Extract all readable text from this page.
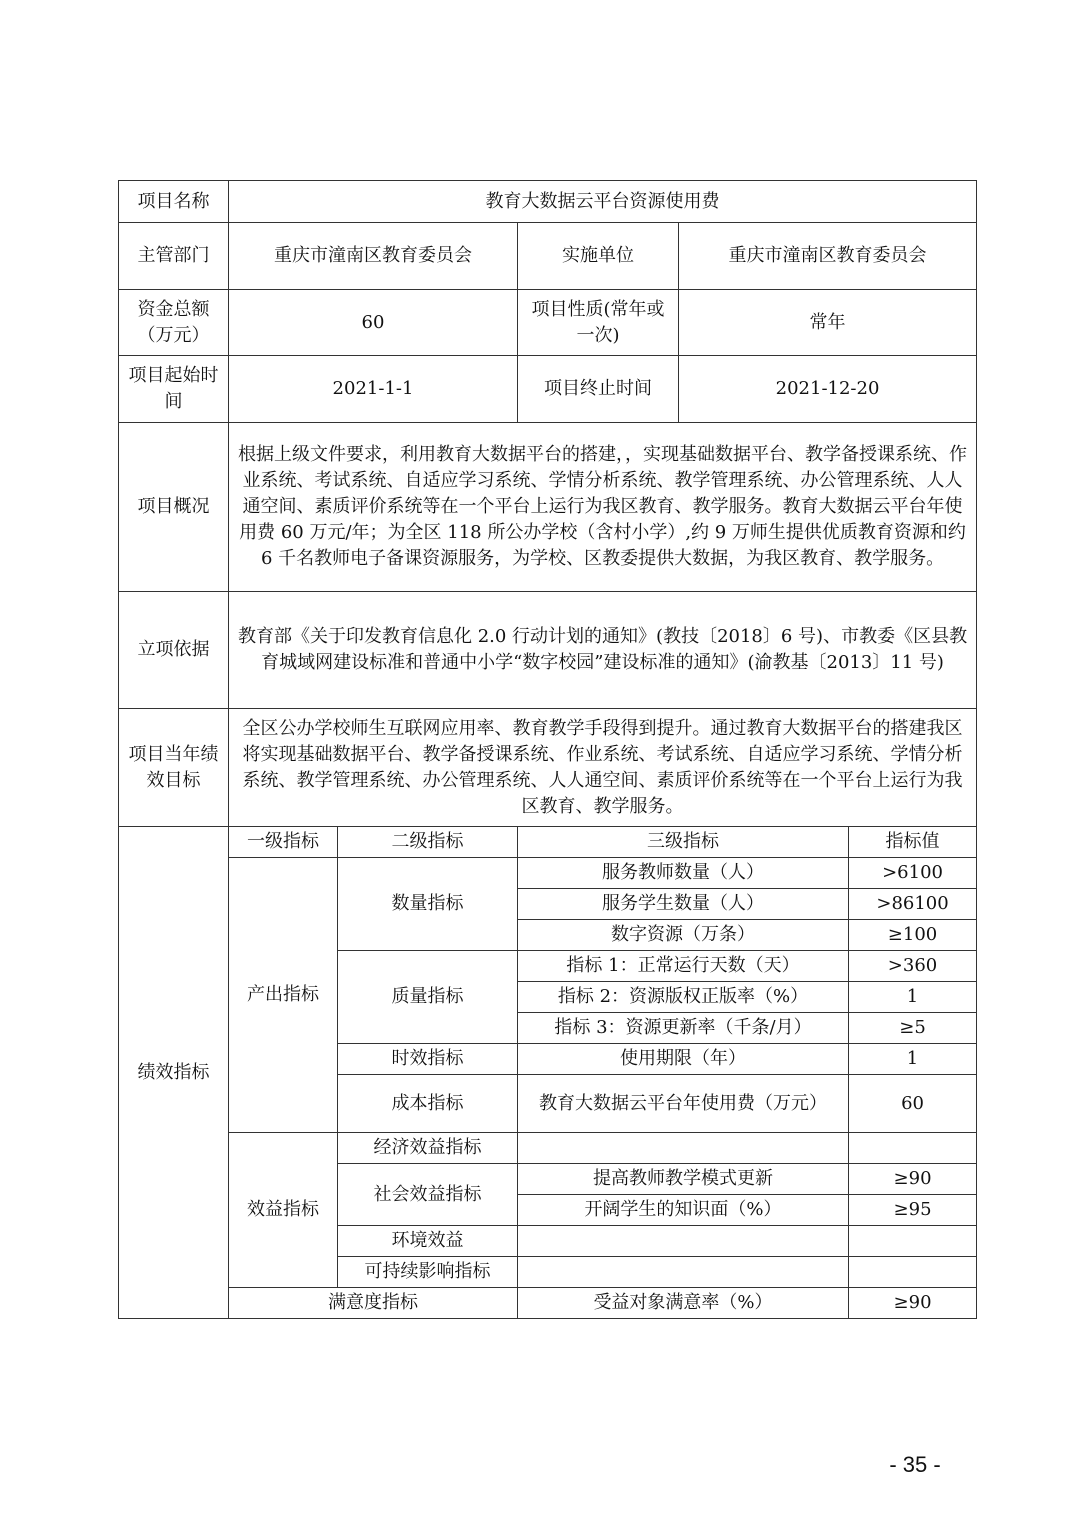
项目名称	教育大数据云平台资源使用费				
主管部门	重庆市潼南区教育委员会		实施单位	重庆市潼南区教育委员会	
资金总额（万元）	60		项目性质(常年或一次)	常年	
项目起始时间	2021-1-1		项目终止时间	2021-12-20	
项目概况	根据上级文件要求，利用教育大数据平台的搭建，，实现基础数据平台、教学备授课系统、作业系统、考试系统、自适应学习系统、学情分析系统、教学管理系统、办公管理系统、人人通空间、素质评价系统等在一个平台上运行为我区教育、教学服务。教育大数据云平台年使用费 60 万元/年；为全区 118 所公办学校（含村小学）,约 9 万师生提供优质教育资源和约 6 千名教师电子备课资源服务，为学校、区教委提供大数据，为我区教育、教学服务。				
立项依据	教育部《关于印发教育信息化 2.0 行动计划的通知》(教技〔2018〕6 号)、市教委《区县教育城域网建设标准和普通中小学“数字校园”建设标准的通知》(渝教基〔2013〕11 号)				
项目当年绩效目标	全区公办学校师生互联网应用率、教育教学手段得到提升。通过教育大数据平台的搭建我区将实现基础数据平台、教学备授课系统、作业系统、考试系统、自适应学习系统、学情分析系统、教学管理系统、办公管理系统、人人通空间、素质评价系统等在一个平台上运行为我区教育、教学服务。				
绩效指标	一级指标	二级指标	三级指标		指标值
	产出指标	数量指标	服务教师数量（人）		>6100
			服务学生数量（人）		>86100
			数字资源（万条）		≥100
		质量指标	指标 1：正常运行天数（天）		>360
			指标 2：资源版权正版率（%）		1
			指标 3：资源更新率（千条/月）		≥5
		时效指标	使用期限（年）		1
		成本指标	教育大数据云平台年使用费（万元）		60
	效益指标	经济效益指标			
		社会效益指标	提高教师教学模式更新		≥90
			开阔学生的知识面（%）		≥95
		环境效益			
		可持续影响指标			
	满意度指标		受益对象满意率（%）		≥90
- 35 -
